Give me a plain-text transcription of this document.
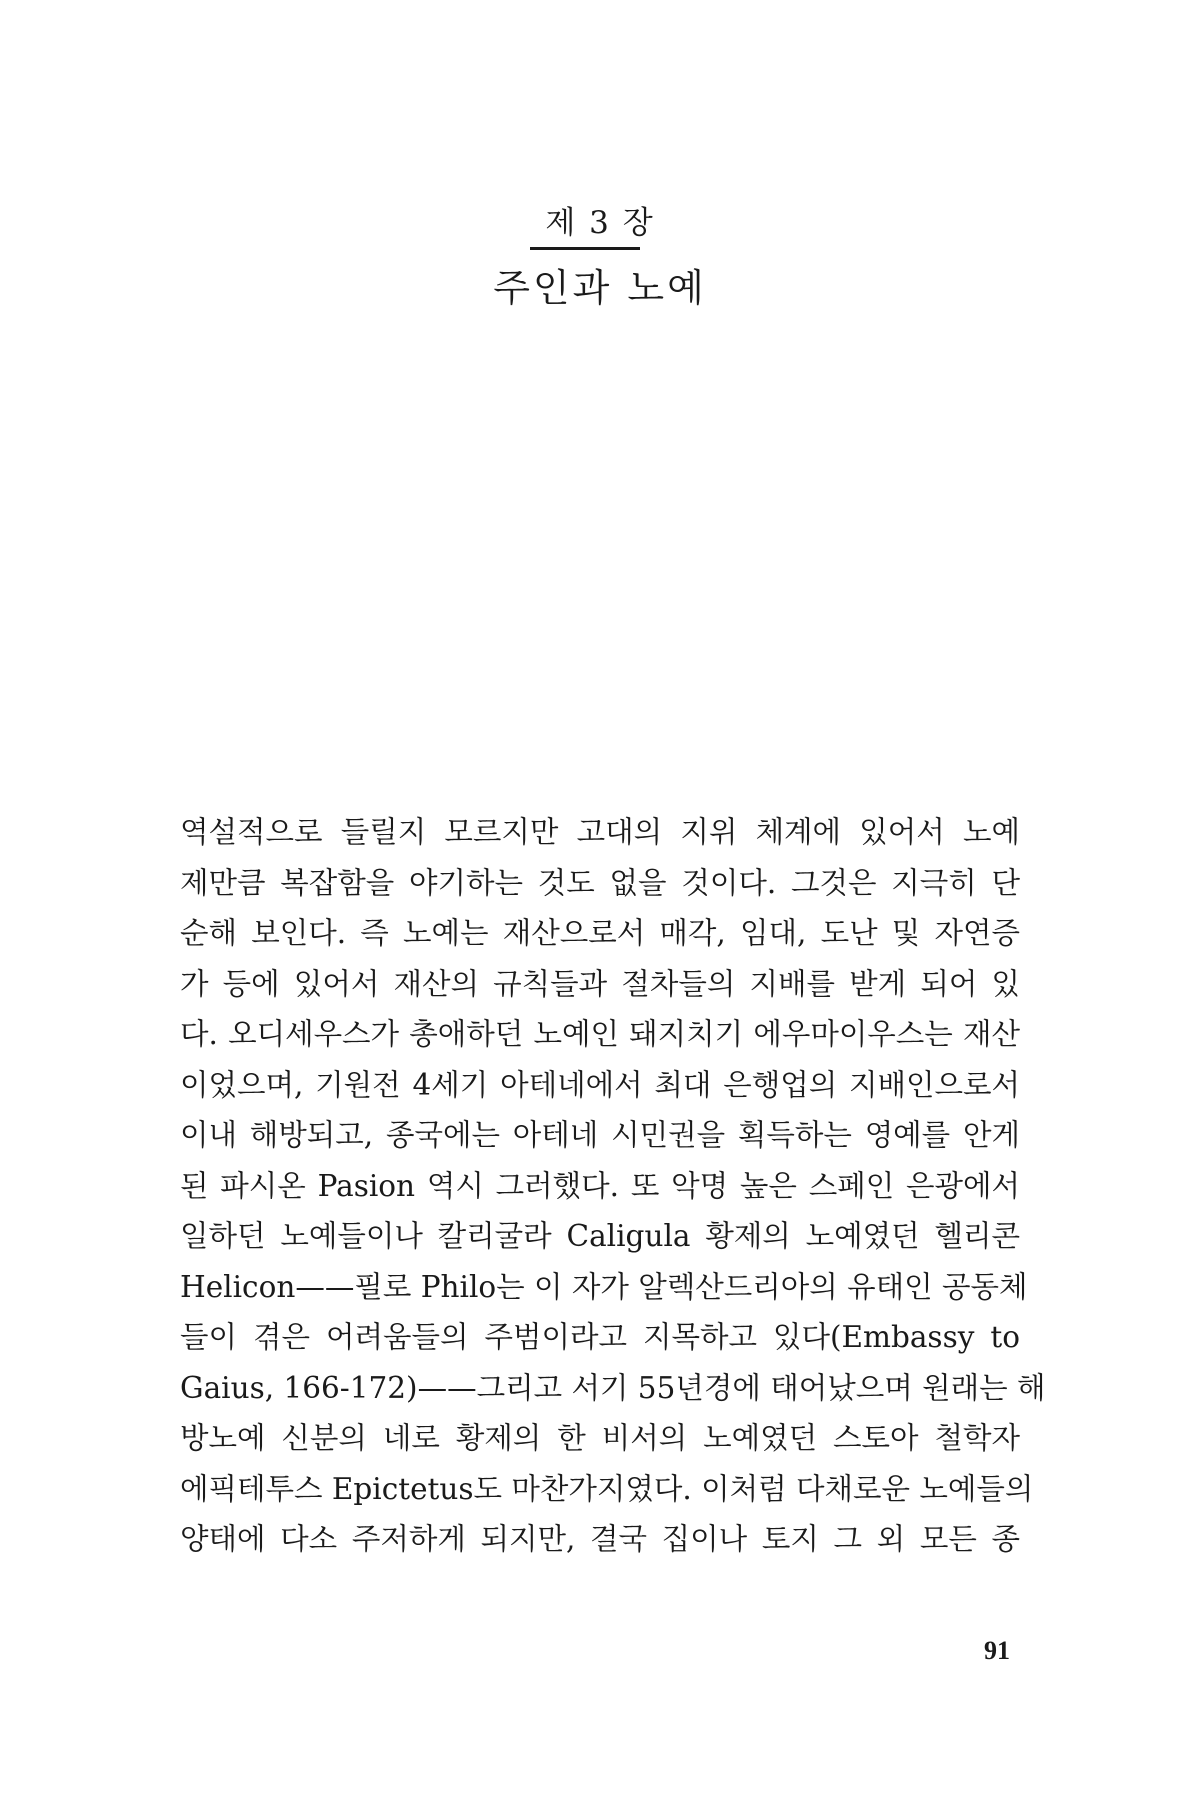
제 3 장
주인과 노예
역설적으로 들릴지 모르지만 고대의 지위 체계에 있어서 노예
제만큼 복잡함을 야기하는 것도 없을 것이다. 그것은 지극히 단
순해 보인다. 즉 노예는 재산으로서 매각, 임대, 도난 및 자연증
가 등에 있어서 재산의 규칙들과 절차들의 지배를 받게 되어 있
다. 오디세우스가 총애하던 노예인 돼지치기 에우마이우스는 재산
이었으며, 기원전 4세기 아테네에서 최대 은행업의 지배인으로서
이내 해방되고, 종국에는 아테네 시민권을 획득하는 영예를 안게
된 파시온 Pasion 역시 그러했다. 또 악명 높은 스페인 은광에서
일하던 노예들이나 칼리굴라 Caligula 황제의 노예였던 헬리콘
Helicon——필로 Philo는 이 자가 알렉산드리아의 유태인 공동체
들이 겪은 어려움들의 주범이라고 지목하고 있다(Embassy to
Gaius, 166-172)——그리고 서기 55년경에 태어났으며 원래는 해
방노예 신분의 네로 황제의 한 비서의 노예였던 스토아 철학자
에픽테투스 Epictetus도 마찬가지였다. 이처럼 다채로운 노예들의
양태에 다소 주저하게 되지만, 결국 집이나 토지 그 외 모든 종
91
